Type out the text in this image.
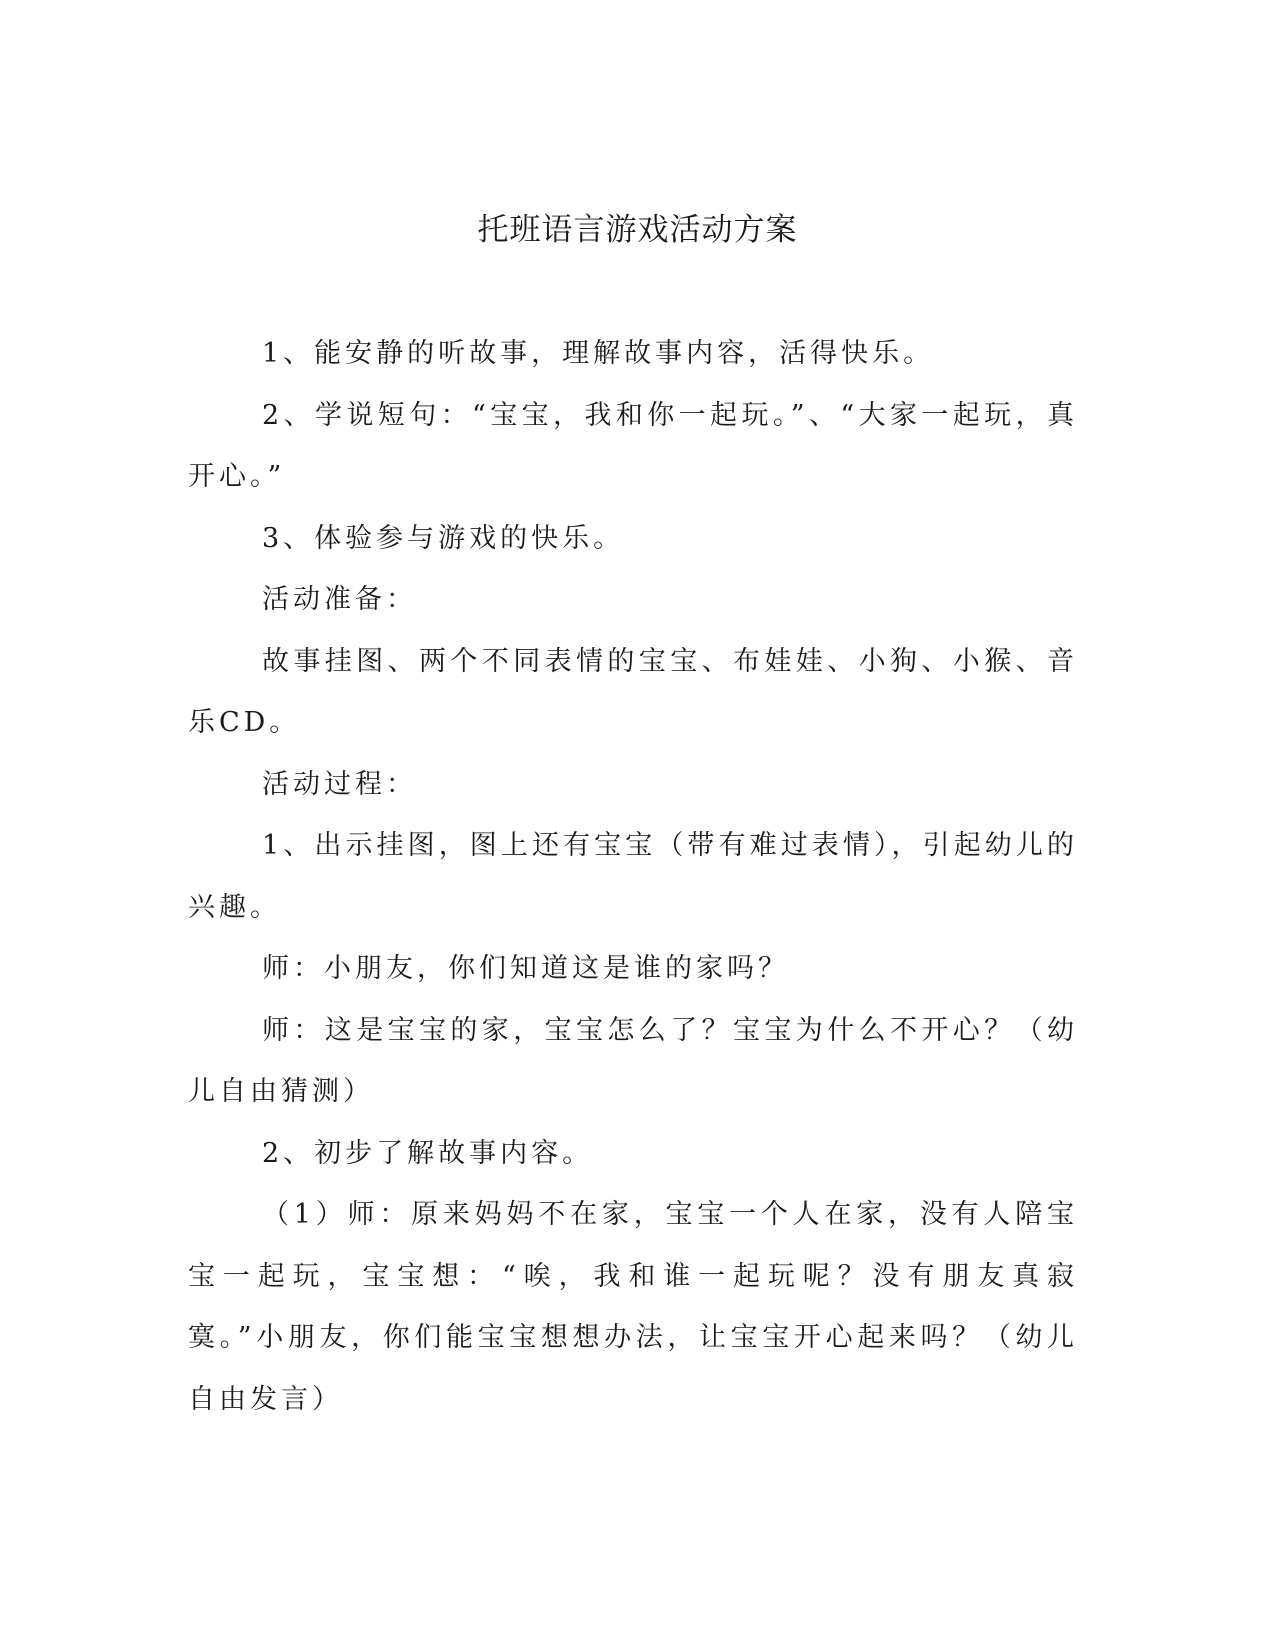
托班语言游戏活动方案

1、能安静的听故事，理解故事内容，活得快乐。

2、学说短句：“宝宝，我和你一起玩。”、“大家一起玩，真开心。”

3、体验参与游戏的快乐。

活动准备：

故事挂图、两个不同表情的宝宝、布娃娃、小狗、小猴、音乐CD。

活动过程：

1、出示挂图，图上还有宝宝（带有难过表情），引起幼儿的兴趣。

师：小朋友，你们知道这是谁的家吗？

师：这是宝宝的家，宝宝怎么了？宝宝为什么不开心？（幼儿自由猜测）

2、初步了解故事内容。

（1）师：原来妈妈不在家，宝宝一个人在家，没有人陪宝宝一起玩，宝宝想：“唉，我和谁一起玩呢？没有朋友真寂寞。”小朋友，你们能宝宝想想办法，让宝宝开心起来吗？（幼儿自由发言）
